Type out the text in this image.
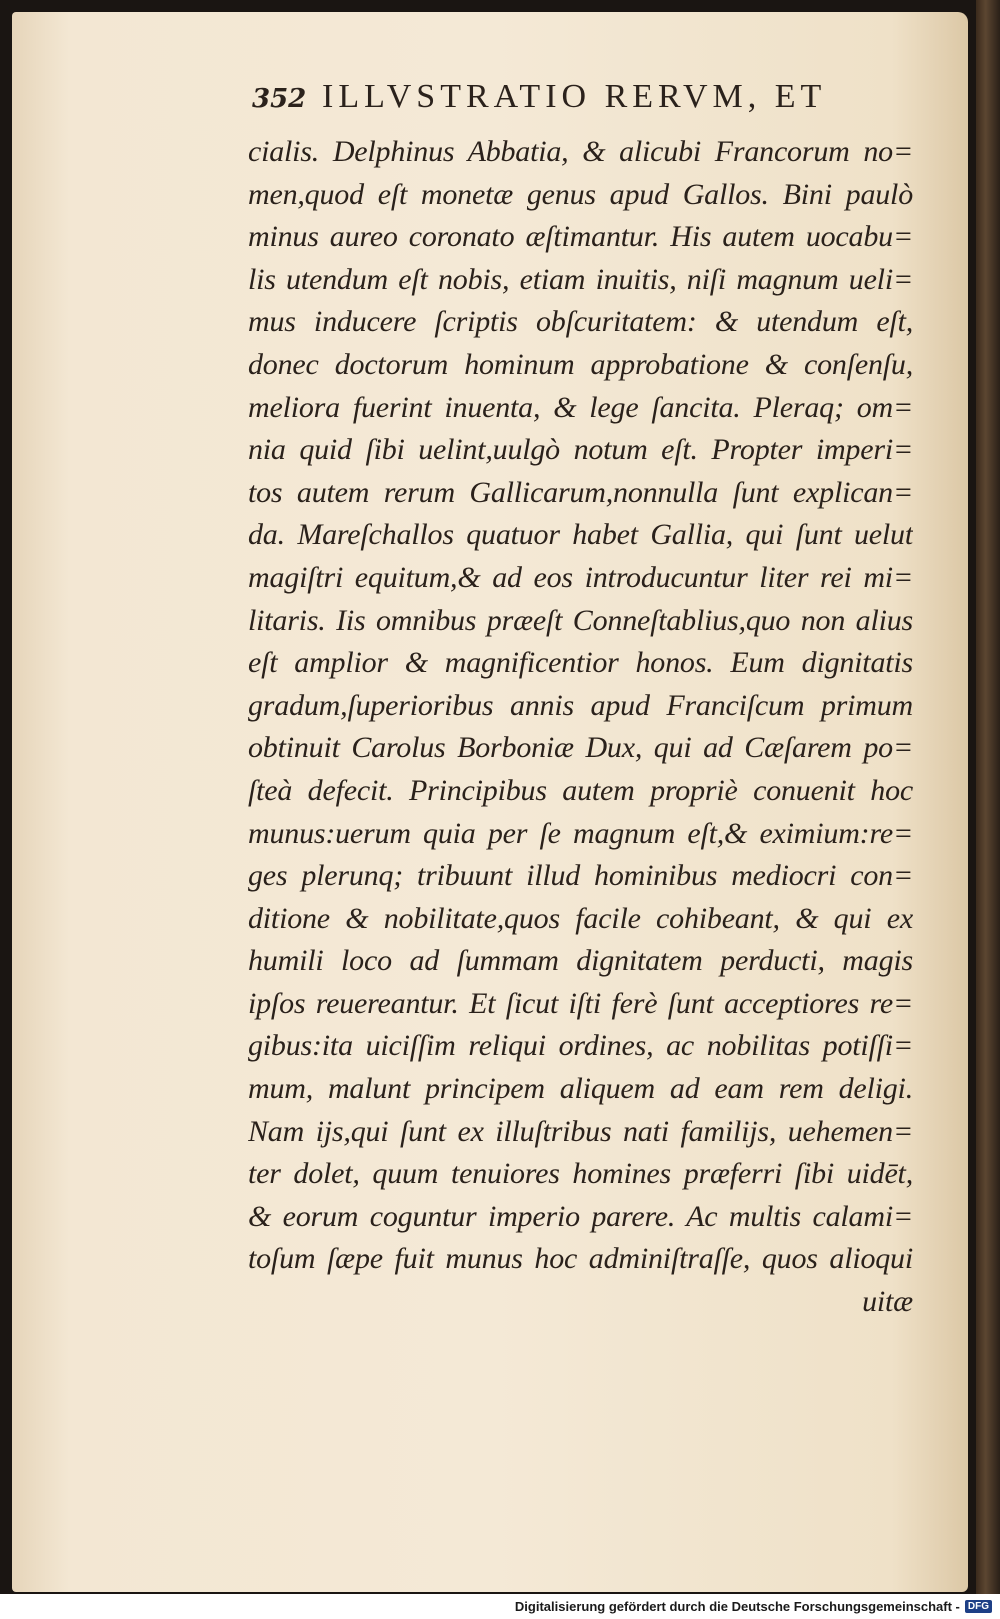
352 ILLVSTRATIO RERVM, ET
cialis. Delphinus Abbatia, & alicubi Francorum no=
men,quod eſt monetæ genus apud Gallos. Bini paulò
minus aureo coronato æſtimantur. His autem uocabu=
lis utendum eſt nobis, etiam inuitis, niſi magnum ueli=
mus inducere ſcriptis obſcuritatem: & utendum eſt,
donec doctorum hominum approbatione & conſenſu,
meliora fuerint inuenta, & lege ſancita. Pleraq; om=
nia quid ſibi uelint,uulgò notum eſt. Propter imperi=
tos autem rerum Gallicarum,nonnulla ſunt explican=
da. Mareſchallos quatuor habet Gallia, qui ſunt uelut
magiſtri equitum,& ad eos introducuntur liter rei mi=
litaris. Iis omnibus præeſt Conneſtablius,quo non alius
eſt amplior & magnificentior honos. Eum dignitatis
gradum,ſuperioribus annis apud Franciſcum primum
obtinuit Carolus Borboniæ Dux, qui ad Cæſarem po=
ſteà defecit. Principibus autem propriè conuenit hoc
munus:uerum quia per ſe magnum eſt,& eximium:re=
ges plerunq; tribuunt illud hominibus mediocri con=
ditione & nobilitate,quos facile cohibeant, & qui ex
humili loco ad ſummam dignitatem perducti, magis
ipſos reuereantur. Et ſicut iſti ferè ſunt acceptiores re=
gibus:ita uiciſſim reliqui ordines, ac nobilitas potiſſi=
mum, malunt principem aliquem ad eam rem deligi.
Nam ijs,qui ſunt ex illuſtribus nati familijs, uehemen=
ter dolet, quum tenuiores homines præferri ſibi uidēt,
& eorum coguntur imperio parere. Ac multis calami=
toſum ſæpe fuit munus hoc adminiſtraſſe, quos alioqui
uitæ
Digitalisierung gefördert durch die Deutsche Forschungsgemeinschaft - DFG
